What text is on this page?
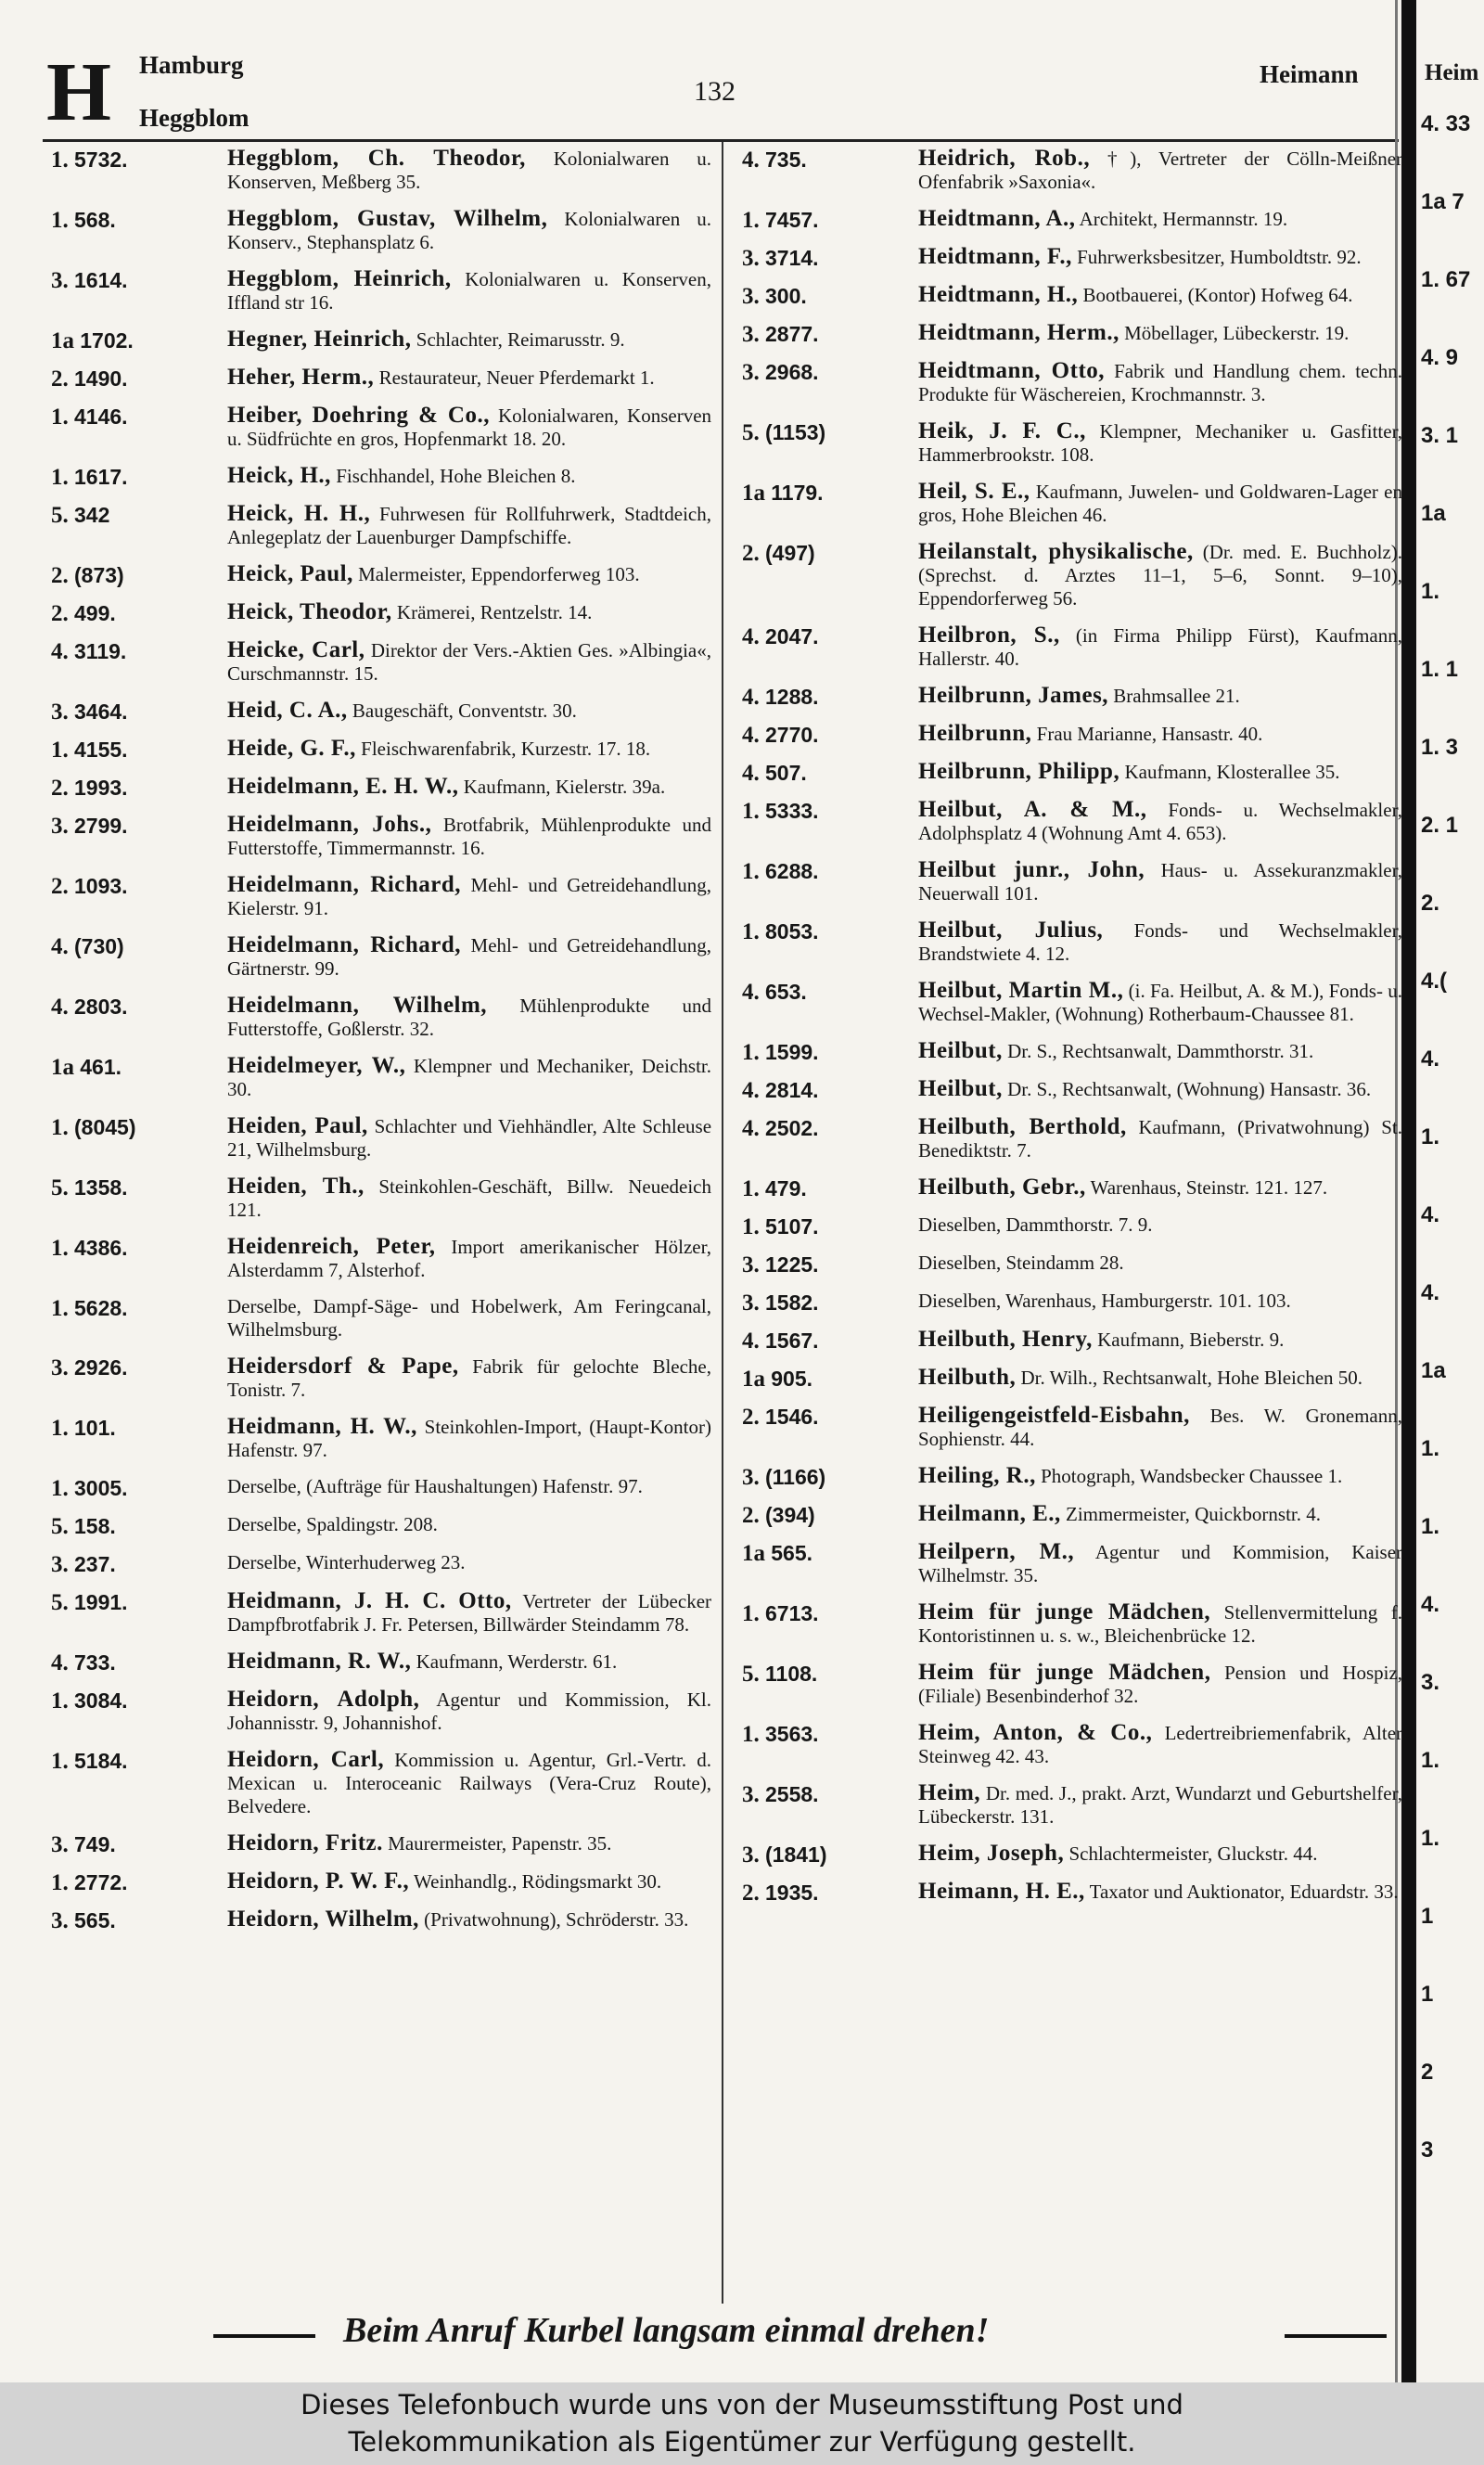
H Hamburg
Heggblom
132
Heimann	Heim
1. 5732.	Heggblom, Ch. Theodor, Kolonialwaren u. Konserven, Meßberg 35.
1. 568.	Heggblom, Gustav, Wilhelm, Kolonialwaren u. Konserv., Stephansplatz 6.
3. 1614.	Heggblom, Heinrich, Kolonialwaren u. Konserven, Iffland str 16.
1a 1702.	Hegner, Heinrich, Schlachter, Reimarusstr. 9.
2. 1490.	Heher, Herm., Restaurateur, Neuer Pferdemarkt 1.
1. 4146.	Heiber, Doehring & Co., Kolonialwaren, Konserven u. Südfrüchte en gros, Hopfenmarkt 18. 20.
1. 1617.	Heick, H., Fischhandel, Hohe Bleichen 8.
5. 342	Heick, H. H., Fuhrwesen für Rollfuhrwerk, Stadtdeich, Anlegeplatz der Lauenburger Dampfschiffe.
2. (873)	Heick, Paul, Malermeister, Eppendorferweg 103.
2. 499.	Heick, Theodor, Krämerei, Rentzelstr. 14.
4. 3119.	Heicke, Carl, Direktor der Vers.-Aktien Ges. »Albingia«, Curschmannstr. 15.
3. 3464.	Heid, C. A., Baugeschäft, Conventstr. 30.
1. 4155.	Heide, G. F., Fleischwarenfabrik, Kurzestr. 17. 18.
2. 1993.	Heidelmann, E. H. W., Kaufmann, Kielerstr. 39a.
3. 2799.	Heidelmann, Johs., Brotfabrik, Mühlenprodukte und Futterstoffe, Timmermannstr. 16.
2. 1093.	Heidelmann, Richard, Mehl- und Getreidehandlung, Kielerstr. 91.
4. (730)	Heidelmann, Richard, Mehl- und Getreidehandlung, Gärtnerstr. 99.
4. 2803.	Heidelmann, Wilhelm, Mühlenprodukte und Futterstoffe, Goßlerstr. 32.
1a 461.	Heidelmeyer, W., Klempner und Mechaniker, Deichstr. 30.
1. (8045)	Heiden, Paul, Schlachter und Viehhändler, Alte Schleuse 21, Wilhelmsburg.
5. 1358.	Heiden, Th., Steinkohlen-Geschäft, Billw. Neuedeich 121.
1. 4386.	Heidenreich, Peter, Import amerikanischer Hölzer, Alsterdamm 7, Alsterhof.
1. 5628.	Derselbe, Dampf-Säge- und Hobelwerk, Am Feringcanal, Wilhelmsburg.
3. 2926.	Heidersdorf & Pape, Fabrik für gelochte Bleche, Tonistr. 7.
1. 101.	Heidmann, H. W., Steinkohlen-Import, (Haupt-Kontor) Hafenstr. 97.
1. 3005.	Derselbe, (Aufträge für Haushaltungen) Hafenstr. 97.
5. 158.	Derselbe, Spaldingstr. 208.
3. 237.	Derselbe, Winterhuderweg 23.
5. 1991.	Heidmann, J. H. C. Otto, Vertreter der Lübecker Dampfbrotfabrik J. Fr. Petersen, Billwärder Steindamm 78.
4. 733.	Heidmann, R. W., Kaufmann, Werderstr. 61.
1. 3084.	Heidorn, Adolph, Agentur und Kommission, Kl. Johannisstr. 9, Johannishof.
1. 5184.	Heidorn, Carl, Kommission u. Agentur, Grl.-Vertr. d. Mexican u. Interoceanic Railways (Vera-Cruz Route), Belvedere.
3. 749.	Heidorn, Fritz. Maurermeister, Papenstr. 35.
1. 2772.	Heidorn, P. W. F., Weinhandlg., Rödingsmarkt 30.
3. 565.	Heidorn, Wilhelm, (Privatwohnung), Schröderstr. 33.
4. 735.	Heidrich, Rob., †), Vertreter der Cölln-Meißner Ofenfabrik »Saxonia«.
1. 7457.	Heidtmann, A., Architekt, Hermannstr. 19.
3. 3714.	Heidtmann, F., Fuhrwerksbesitzer, Humboldtstr. 92.
3. 300.	Heidtmann, H., Bootbauerei, (Kontor) Hofweg 64.
3. 2877.	Heidtmann, Herm., Möbellager, Lübeckerstr. 19.
3. 2968.	Heidtmann, Otto, Fabrik und Handlung chem. techn. Produkte für Wäschereien, Krochmannstr. 3.
5. (1153)	Heik, J. F. C., Klempner, Mechaniker u. Gasfitter, Hammerbrookstr. 108.
1a 1179.	Heil, S. E., Kaufmann, Juwelen- und Goldwaren-Lager en gros, Hohe Bleichen 46.
2. (497)	Heilanstalt, physikalische, (Dr. med. E. Buchholz). (Sprechst. d. Arztes 11–1, 5–6, Sonnt. 9–10), Eppendorferweg 56.
4. 2047.	Heilbron, S., (in Firma Philipp Fürst), Kaufmann, Hallerstr. 40.
4. 1288.	Heilbrunn, James, Brahmsallee 21.
4. 2770.	Heilbrunn, Frau Marianne, Hansastr. 40.
4. 507.	Heilbrunn, Philipp, Kaufmann, Klosterallee 35.
1. 5333.	Heilbut, A. & M., Fonds- u. Wechselmakler, Adolphsplatz 4 (Wohnung Amt 4. 653).
1. 6288.	Heilbut junr., John, Haus- u. Assekuranzmakler, Neuerwall 101.
1. 8053.	Heilbut, Julius, Fonds- und Wechselmakler, Brandstwiete 4. 12.
4. 653.	Heilbut, Martin M., (i. Fa. Heilbut, A. & M.), Fonds- u. Wechsel-Makler, (Wohnung) Rotherbaum-Chaussee 81.
1. 1599.	Heilbut, Dr. S., Rechtsanwalt, Dammthorstr. 31.
4. 2814.	Heilbut, Dr. S., Rechtsanwalt, (Wohnung) Hansastr. 36.
4. 2502.	Heilbuth, Berthold, Kaufmann, (Privatwohnung) St. Benediktstr. 7.
1. 479.	Heilbuth, Gebr., Warenhaus, Steinstr. 121. 127.
1. 5107.	Dieselben, Dammthorstr. 7. 9.
3. 1225.	Dieselben, Steindamm 28.
3. 1582.	Dieselben, Warenhaus, Hamburgerstr. 101. 103.
4. 1567.	Heilbuth, Henry, Kaufmann, Bieberstr. 9.
1a 905.	Heilbuth, Dr. Wilh., Rechtsanwalt, Hohe Bleichen 50.
2. 1546.	Heiligengeistfeld-Eisbahn, Bes. W. Gronemann, Sophienstr. 44.
3. (1166)	Heiling, R., Photograph, Wandsbecker Chaussee 1.
2. (394)	Heilmann, E., Zimmermeister, Quickbornstr. 4.
1a 565.	Heilpern, M., Agentur und Kommision, Kaiser Wilhelmstr. 35.
1. 6713.	Heim für junge Mädchen, Stellenvermittelung f. Kontoristinnen u. s. w., Bleichenbrücke 12.
5. 1108.	Heim für junge Mädchen, Pension und Hospiz, (Filiale) Besenbinderhof 32.
1. 3563.	Heim, Anton, & Co., Ledertreibriemenfabrik, Alter Steinweg 42. 43.
3. 2558.	Heim, Dr. med. J., prakt. Arzt, Wundarzt und Geburtshelfer, Lübeckerstr. 131.
3. (1841)	Heim, Joseph, Schlachtermeister, Gluckstr. 44.
2. 1935.	Heimann, H. E., Taxator und Auktionator, Eduardstr. 33.
4. 33
1a 7
1. 67
4. 9
3. 1
1a
1.
1. 1
1. 3
2. 1
2.
4.(
4.
1.
4.
4.
1a
1.
1.
4.
3.
1.
1.
1
1
2
3
Beim Anruf Kurbel langsam einmal drehen!
Dieses Telefonbuch wurde uns von der Museumsstiftung Post und
Telekommunikation als Eigentümer zur Verfügung gestellt.
